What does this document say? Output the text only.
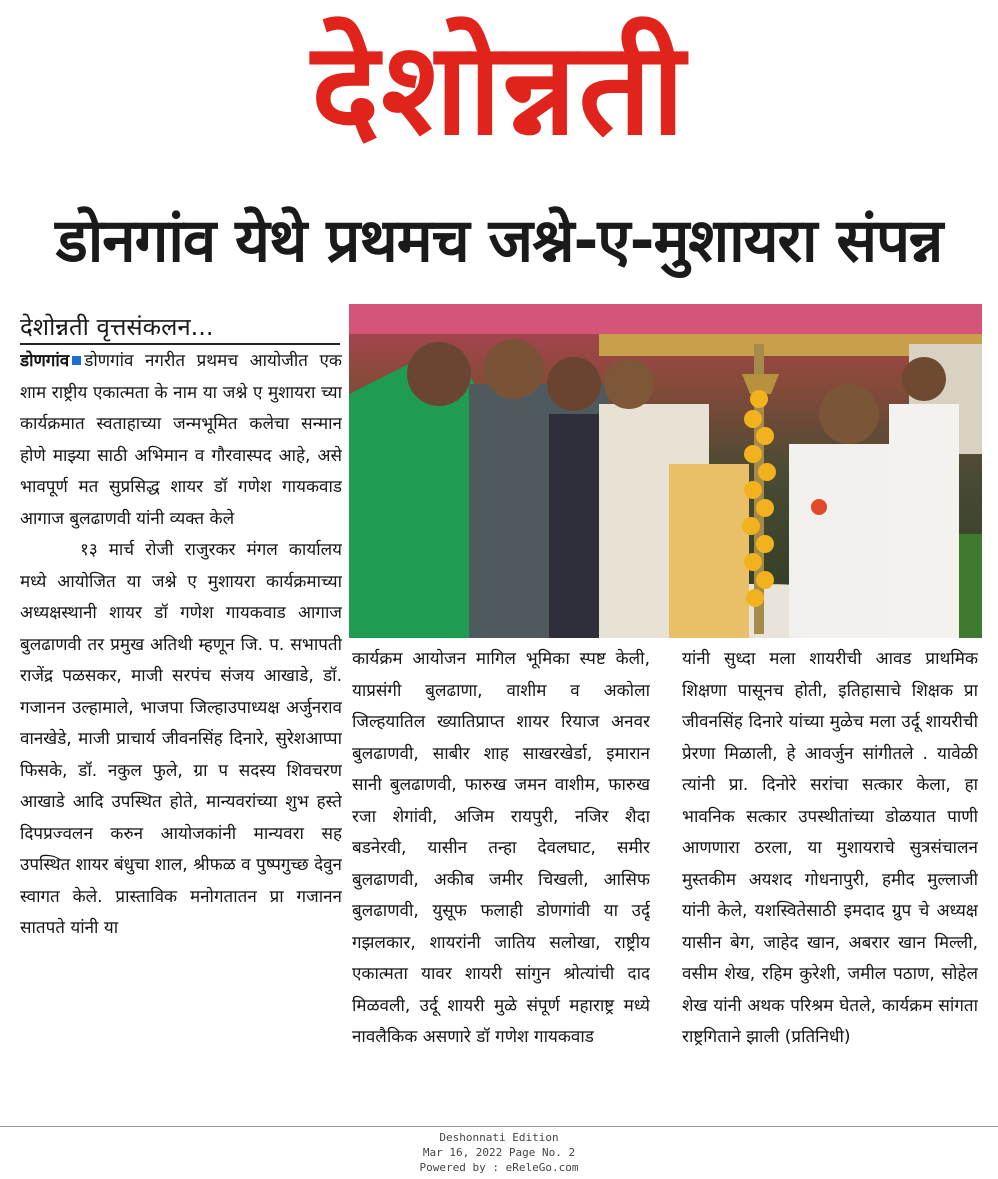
देशोन्नती
डोनगांव येथे प्रथमच जश्ने-ए-मुशायरा संपन्न
देशोन्नती वृत्तसंकलन...

डोणगांव डोणगांव नगरीत प्रथमच आयोजीत एक शाम राष्ट्रीय एकात्मता के नाम या जश्ने ए मुशायरा च्या कार्यक्रमात स्वताहाच्या जन्मभूमित कलेचा सन्मान होणे माझ्या साठी अभिमान व गौरवास्पद आहे, असे भावपूर्ण मत सुप्रसिद्ध शायर डॉ गणेश गायकवाड आगाज बुलढाणवी यांनी व्यक्त केले

१३ मार्च रोजी राजुरकर मंगल कार्यालय मध्ये आयोजित या जश्ने ए मुशायरा कार्यक्रमाच्या अध्यक्षस्थानी शायर डॉ गणेश गायकवाड आगाज बुलढाणवी तर प्रमुख अतिथी म्हणून जि. प. सभापती राजेंद्र पळसकर, माजी सरपंच संजय आखाडे, डॉ. गजानन उल्हामाले, भाजपा जिल्हाउपाध्यक्ष अर्जुनराव वानखेडे, माजी प्राचार्य जीवनसिंह दिनारे, सुरेशआप्पा फिसके, डॉ. नकुल फुले, ग्रा प सदस्य शिवचरण आखाडे आदि उपस्थित होते, मान्यवरांच्या शुभ हस्ते दिपप्रज्वलन करुन आयोजकांनी मान्यवरा सह उपस्थित शायर बंधुचा शाल, श्रीफळ व पुष्पगुच्छ देवुन स्वागत केले. प्रास्ताविक मनोगतातन प्रा गजानन सातपते यांनी या

कार्यक्रम आयोजन मागिल भूमिका स्पष्ट केली, याप्रसंगी बुलढाणा, वाशीम व अकोला जिल्हयातिल ख्यातिप्राप्त शायर रियाज अनवर बुलढाणवी, साबीर शाह साखरखेर्डा, इमारान सानी बुलढाणवी, फारुख जमन वाशीम, फारुख रजा शेगांवी, अजिम रायपुरी, नजिर शैदा बडनेरवी, यासीन तन्हा देवलघाट, समीर बुलढाणवी, अकीब जमीर चिखली, आसिफ बुलढाणवी, युसूफ फलाही डोणगांवी या उर्दू गझलकार, शायरांनी जातिय सलोखा, राष्ट्रीय एकात्मता यावर शायरी सांगुन श्रोत्यांची दाद मिळवली, उर्दू शायरी मुळे संपूर्ण महाराष्ट्र मध्ये नावलैकिक असणारे डॉ गणेश गायकवाड

यांनी सुध्दा मला शायरीची आवड प्राथमिक शिक्षणा पासूनच होती, इतिहासाचे शिक्षक प्रा जीवनसिंह दिनारे यांच्या मुळेच मला उर्दू शायरीची प्रेरणा मिळाली, हे आवर्जुन सांगीतले . यावेळी त्यांनी प्रा. दिनोरे सरांचा सत्कार केला, हा भावनिक सत्कार उपस्थीतांच्या डोळयात पाणी आणणारा ठरला, या मुशायराचे सुत्रसंचालन मुस्तकीम अयशद गोधनापुरी, हमीद मुल्लाजी यांनी केले, यशस्वितेसाठी इमदाद ग्रुप चे अध्यक्ष यासीन बेग, जाहेद खान, अबरार खान मिल्ली, वसीम शेख, रहिम कुरेशी, जमील पठाण, सोहेल शेख यांनी अथक परिश्रम घेतले, कार्यक्रम सांगता राष्ट्रगिताने झाली (प्रतिनिधी)

Deshonnati Edition
Mar 16, 2022 Page No. 2
Powered by : eReleGo.com
